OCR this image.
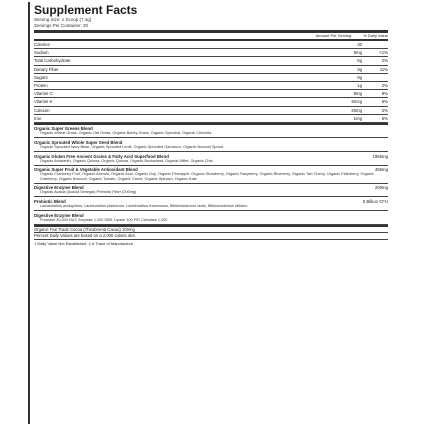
Supplement Facts
Serving Size: 1 Scoop (7.4g)
Servings Per Container: 30
Amount Per Serving	% Daily Value
Calories	30
Sodium	5mg	<1%
Total Carbohydrate	5g	2%
Dietary Fiber	3g	11%
Sugars	0g
Protein	1g	2%
Vitamin C	8mg	9%
Vitamin K	6mcg	5%
Calcium	20mg	2%
Iron	1mg	6%
Organic Super Greens Blend
Organic Wheat Grass, Organic Oat Grass, Organic Barley Grass, Organic Spirulina, Organic Chlorella
Organic Sprouted Whole Super Seed Blend
Organic Sprouted Navy Bean, Organic Sprouted Lentil, Organic Sprouted Garbanzo, Organic Broccoli Sprout
Organic Gluten Free Ancient Grains & Fatty Acid Superfood Blend	1955mg
Organic Amaranth, Organic Quinoa, Organic Quinoa, Organic Buckwheat, Organic Millet, Organic Chia
Organic Super Fruit & Vegetable Antioxidant Blend	456mg
Organic Cranberry Fruit, Organic Acerola, Organic Acai, Organic Goji, Organic Pineapple, Organic Strawberry, Organic Raspberry, Organic Blueberry, Organic Tart Cherry, Organic Elderberry, Organic Cranberry, Organic Broccoli, Organic Tomato, Organic Carrot, Organic Spinach, Organic Kale
Digestive Enzyme Blend	200mg
Organic Acacia (Acacia Senegal) Prebiotic Fiber (200mg)
Probiotic Blend	5 Billion CFU
Lactobacillus acidophilus, Lactobacillus plantarum, Lactobacillus rhamnosus, Bifidobacterium lactis, Bifidobacterium bifidum
Digestive Enzyme Blend
Protease 30,000 HUT, Amylase 1,000 SKB, Lipase 100 FIP, Cellulase 1,000
Organic Fair Trade Cocoa (Theobroma Cacao) 100mg
Percent Daily Values are based on a 2,000 calorie diet.
† Daily Value Not Established. ‡ A Trace of Manufacture
